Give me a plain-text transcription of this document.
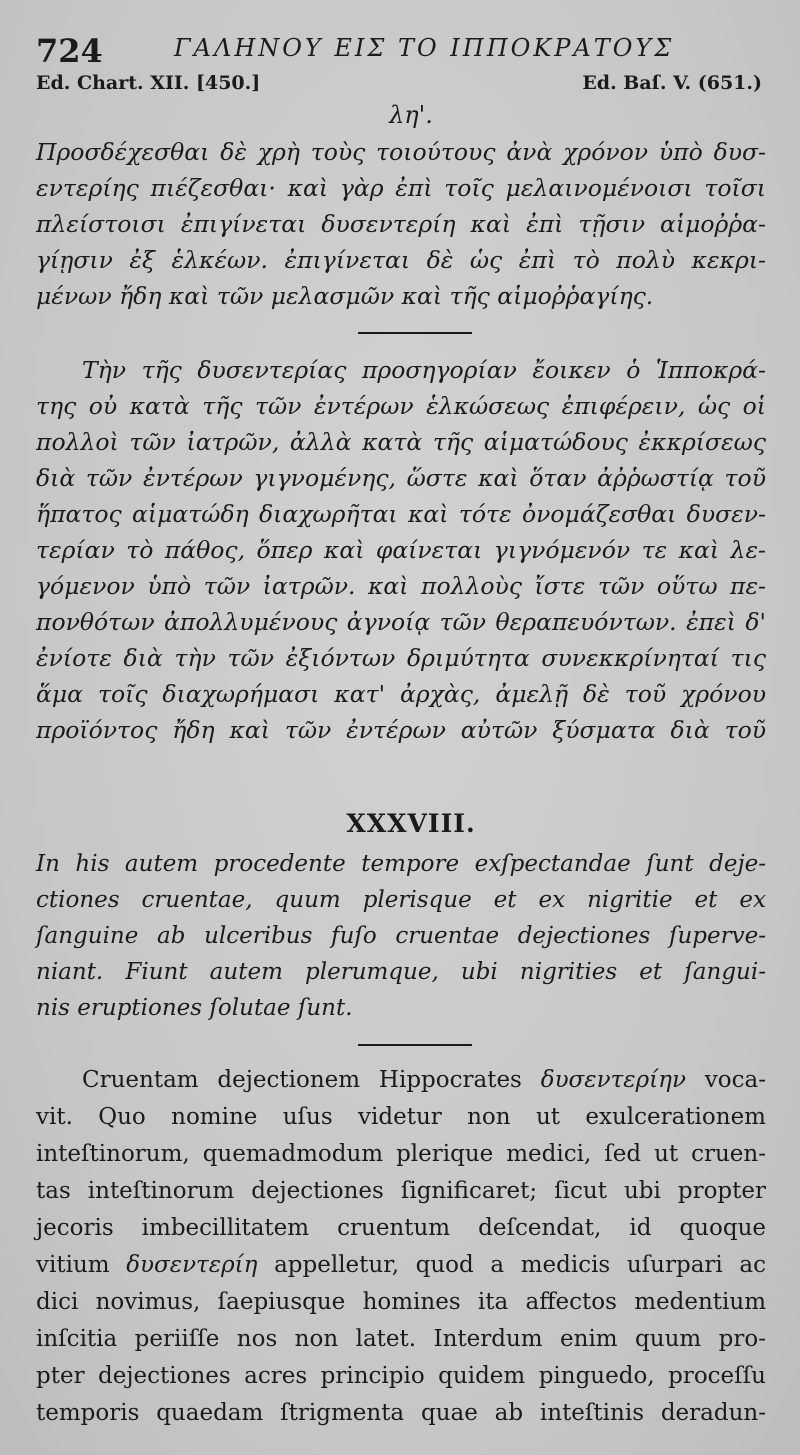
724	ΓΑΛΗΝΟΥ ΕΙΣ ΤΟ ΙΠΠΟΚΡΑΤΟΥΣ
Ed. Chart. XII. [450.]	Ed. Baſ. V. (651.)
λη'.

Προσδέχεσθαι δὲ χρὴ τοὺς τοιούτους ἀνὰ χρόνον ὑπὸ δυσ-

εντερίης πιέζεσθαι· καὶ γὰρ ἐπὶ τοῖς μελαινομένοισι τοῖσι

πλείστοισι ἐπιγίνεται δυσεντερίη καὶ ἐπὶ τῇσιν αἱμοῤῥα-

γίῃσιν ἐξ ἑλκέων. ἐπιγίνεται δὲ ὡς ἐπὶ τὸ πολὺ κεκρι-

μένων ἤδη καὶ τῶν μελασμῶν καὶ τῆς αἱμοῤῥαγίης.

Τὴν τῆς δυσεντερίας προσηγορίαν ἔοικεν ὁ Ἱπποκρά-

της οὐ κατὰ τῆς τῶν ἐντέρων ἑλκώσεως ἐπιφέρειν, ὡς οἱ

πολλοὶ τῶν ἰατρῶν, ἀλλὰ κατὰ τῆς αἱματώδους ἐκκρίσεως

διὰ τῶν ἐντέρων γιγνομένης, ὥστε καὶ ὅταν ἀῤῥωστίᾳ τοῦ

ἥπατος αἱματώδη διαχωρῆται καὶ τότε ὀνομάζεσθαι δυσεν-

τερίαν τὸ πάθος, ὅπερ καὶ φαίνεται γιγνόμενόν τε καὶ λε-

γόμενον ὑπὸ τῶν ἰατρῶν. καὶ πολλοὺς ἴστε τῶν οὕτω πε-

πονθότων ἀπολλυμένους ἀγνοίᾳ τῶν θεραπευόντων. ἐπεὶ δ'

ἐνίοτε διὰ τὴν τῶν ἐξιόντων δριμύτητα συνεκκρίνηταί τις

ἅμα τοῖς διαχωρήμασι κατ' ἀρχὰς, ἀμελῇ δὲ τοῦ χρόνου

προϊόντος ἤδη καὶ τῶν ἐντέρων αὐτῶν ξύσματα διὰ τοῦ

XXXVIII.

In his autem procedente tempore exſpectandae ſunt deje-

ctiones cruentae, quum plerisque et ex nigritie et ex

ſanguine ab ulceribus fuſo cruentae dejectiones ſuperve-

niant. Fiunt autem plerumque, ubi nigrities et ſangui-

nis eruptiones ſolutae ſunt.

Cruentam dejectionem Hippocrates δυσεντερίην voca-

vit. Quo nomine uſus videtur non ut exulcerationem

inteſtinorum, quemadmodum plerique medici, ſed ut cruen-

tas inteſtinorum dejectiones ſignificaret; ſicut ubi propter

jecoris imbecillitatem cruentum deſcendat, id quoque

vitium δυσεντερίη appelletur, quod a medicis uſurpari ac

dici novimus, ſaepiusque homines ita affectos medentium

inſcitia periiſſe nos non latet. Interdum enim quum pro-

pter dejectiones acres principio quidem pinguedo, proceſſu

temporis quaedam ſtrigmenta quae ab inteſtinis deradun-
